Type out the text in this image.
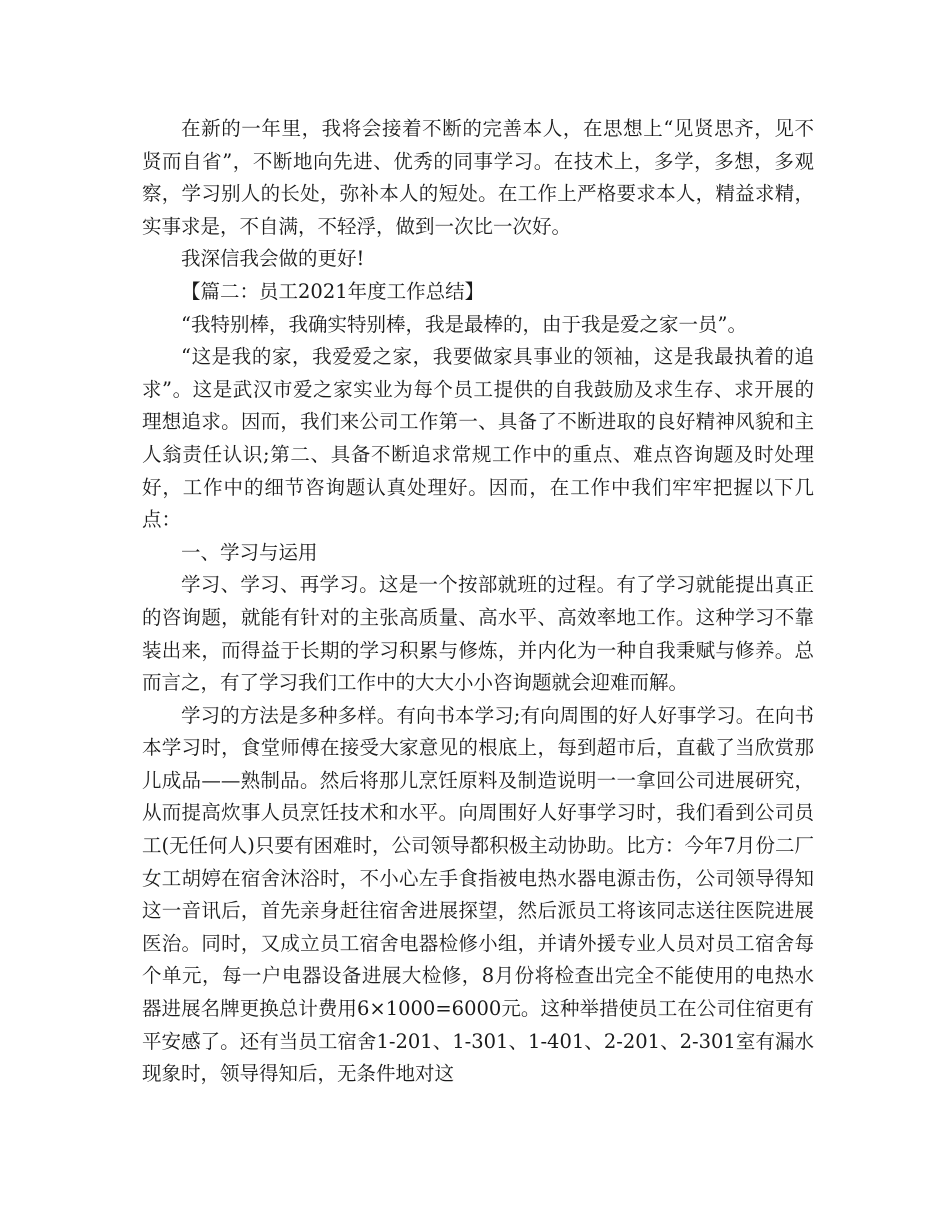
在新的一年里，我将会接着不断的完善本人，在思想上“见贤思齐，见不贤而自省”，不断地向先进、优秀的同事学习。在技术上，多学，多想，多观察，学习别人的长处，弥补本人的短处。在工作上严格要求本人，精益求精，实事求是，不自满，不轻浮，做到一次比一次好。

我深信我会做的更好!

【篇二：员工2021年度工作总结】

“我特别棒，我确实特别棒，我是最棒的，由于我是爱之家一员”。

“这是我的家，我爱爱之家，我要做家具事业的领袖，这是我最执着的追求”。这是武汉市爱之家实业为每个员工提供的自我鼓励及求生存、求开展的理想追求。因而，我们来公司工作第一、具备了不断进取的良好精神风貌和主人翁责任认识;第二、具备不断追求常规工作中的重点、难点咨询题及时处理好，工作中的细节咨询题认真处理好。因而，在工作中我们牢牢把握以下几点：

一、学习与运用

学习、学习、再学习。这是一个按部就班的过程。有了学习就能提出真正的咨询题，就能有针对的主张高质量、高水平、高效率地工作。这种学习不靠装出来，而得益于长期的学习积累与修炼，并内化为一种自我秉赋与修养。总而言之，有了学习我们工作中的大大小小咨询题就会迎难而解。

学习的方法是多种多样。有向书本学习;有向周围的好人好事学习。在向书本学习时，食堂师傅在接受大家意见的根底上，每到超市后，直截了当欣赏那儿成品——熟制品。然后将那儿烹饪原料及制造说明一一拿回公司进展研究，从而提高炊事人员烹饪技术和水平。向周围好人好事学习时，我们看到公司员工(无任何人)只要有困难时，公司领导都积极主动协助。比方：今年7月份二厂女工胡婷在宿舍沐浴时，不小心左手食指被电热水器电源击伤，公司领导得知这一音讯后，首先亲身赶往宿舍进展探望，然后派员工将该同志送往医院进展医治。同时，又成立员工宿舍电器检修小组，并请外援专业人员对员工宿舍每个单元，每一户电器设备进展大检修，8月份将检查出完全不能使用的电热水器进展名牌更换总计费用6×1000=6000元。这种举措使员工在公司住宿更有平安感了。还有当员工宿舍1-201、1-301、1-401、2-201、2-301室有漏水现象时，领导得知后，无条件地对这
